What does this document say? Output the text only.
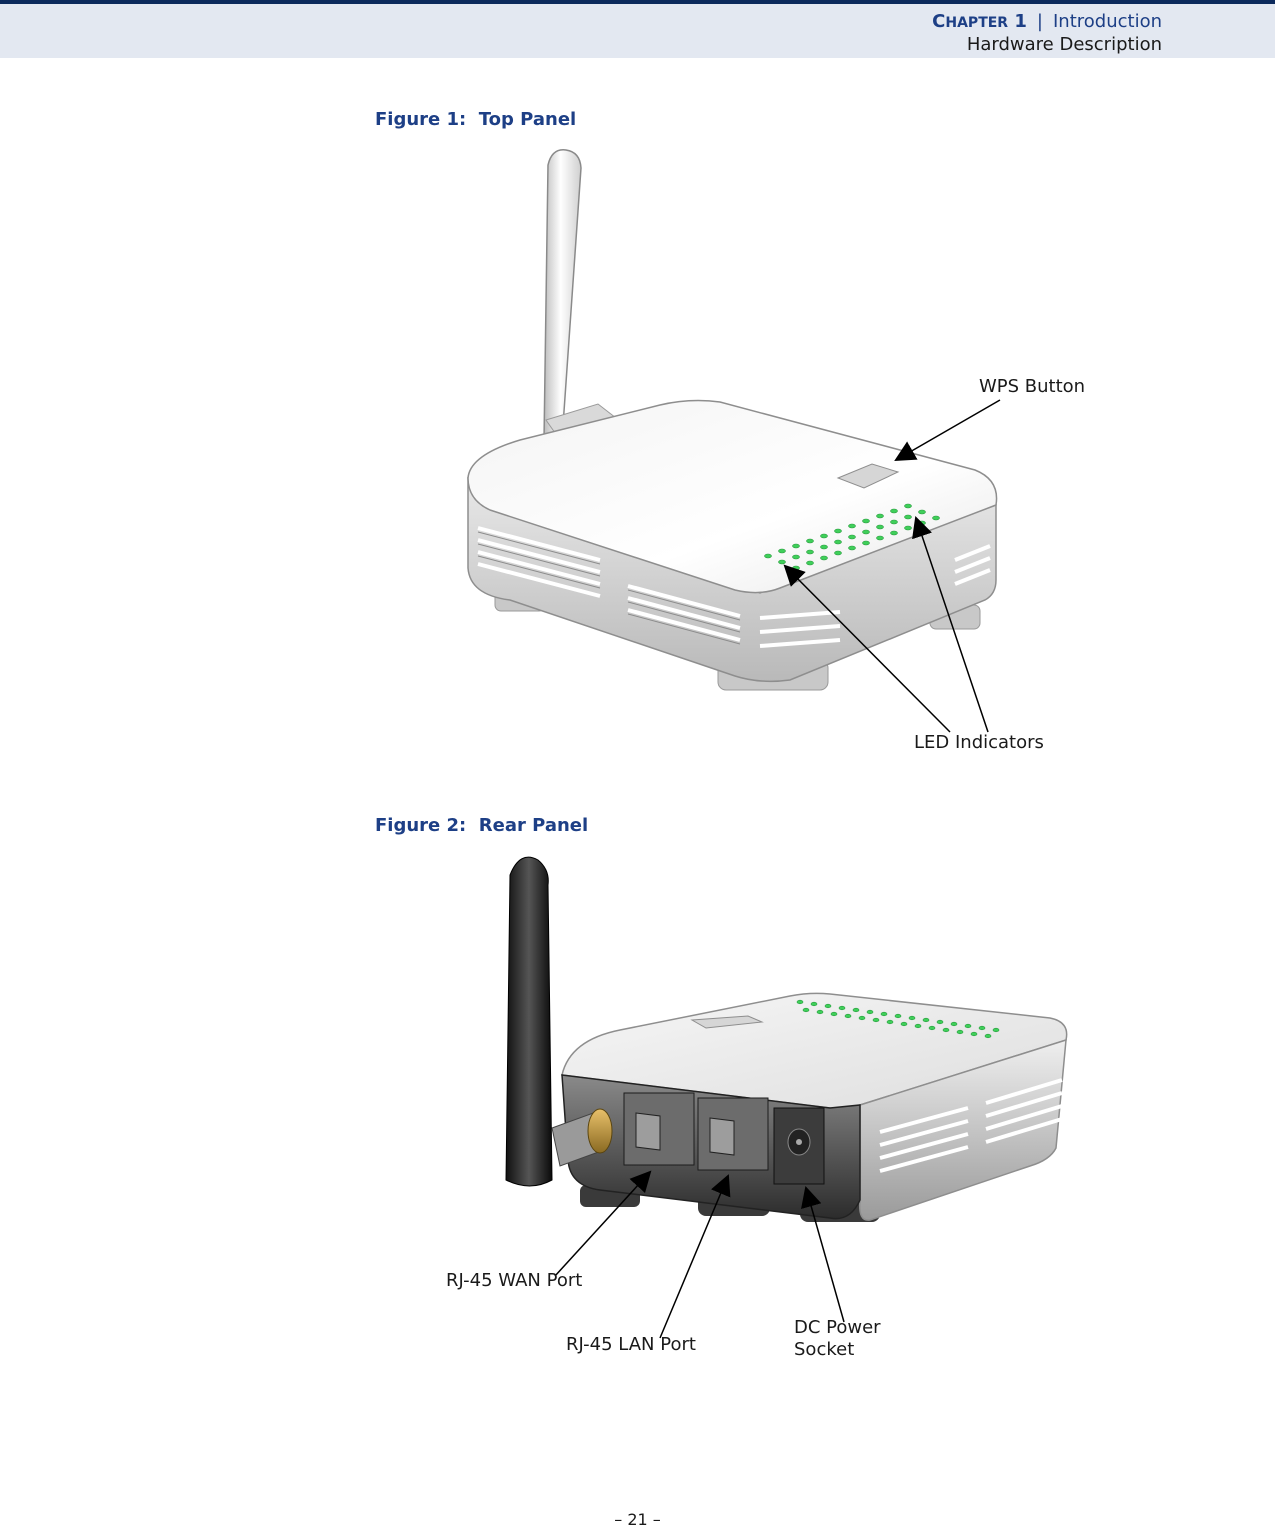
CHAPTER 1 | Introduction
Hardware Description
Figure 1:  Top Panel
WPS Button
LED Indicators
Figure 2:  Rear Panel
RJ-45 WAN Port
RJ-45 LAN Port
DC Power
Socket
– 21 –
